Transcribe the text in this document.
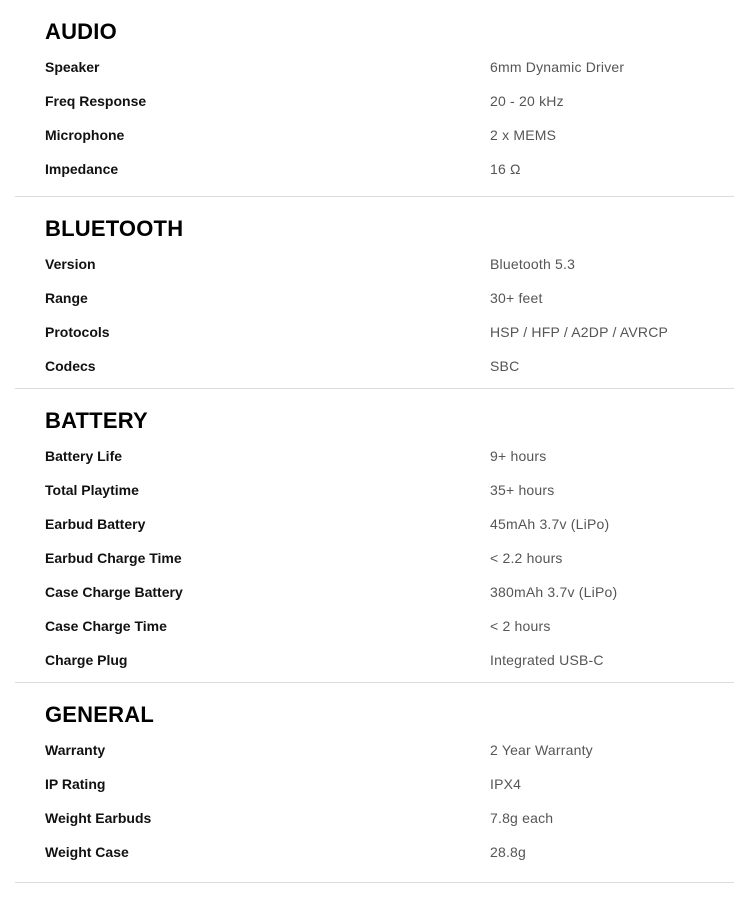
AUDIO
Speaker	6mm Dynamic Driver
Freq Response	20 - 20 kHz
Microphone	2 x MEMS
Impedance	16 Ω
BLUETOOTH
Version	Bluetooth 5.3
Range	30+ feet
Protocols	HSP / HFP / A2DP / AVRCP
Codecs	SBC
BATTERY
Battery Life	9+ hours
Total Playtime	35+ hours
Earbud Battery	45mAh 3.7v (LiPo)
Earbud Charge Time	< 2.2 hours
Case Charge Battery	380mAh 3.7v (LiPo)
Case Charge Time	< 2 hours
Charge Plug	Integrated USB-C
GENERAL
Warranty	2 Year Warranty
IP Rating	IPX4
Weight Earbuds	7.8g each
Weight Case	28.8g
